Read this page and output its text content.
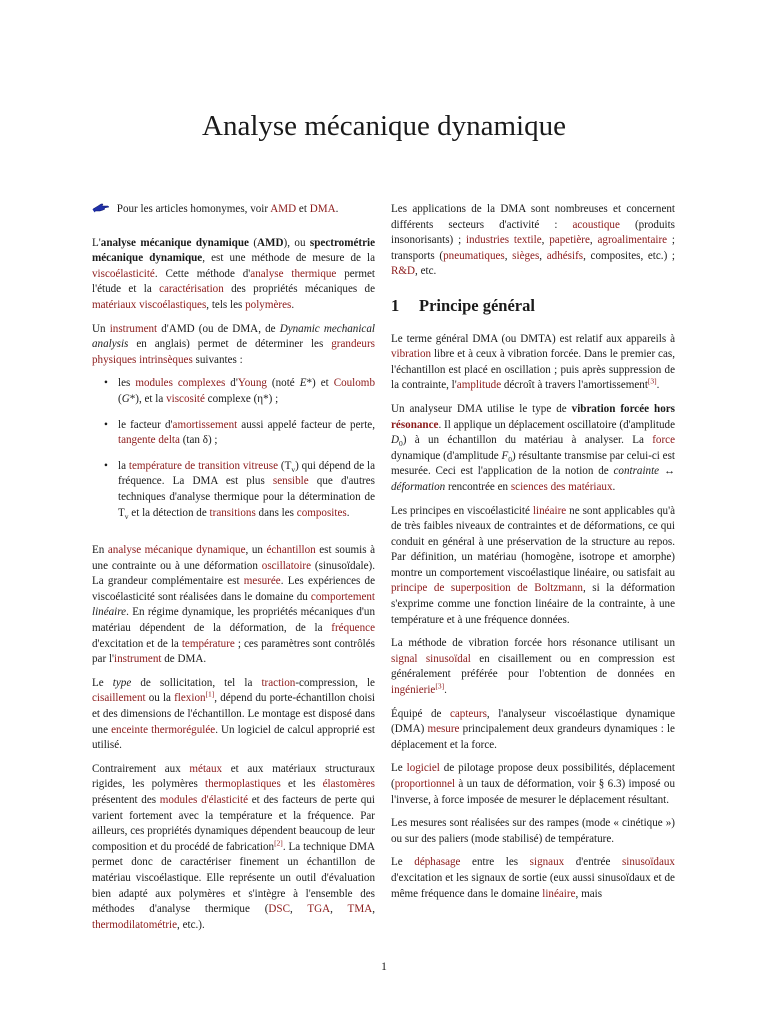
Analyse mécanique dynamique

Pour les articles homonymes, voir AMD et DMA.

L'analyse mécanique dynamique (AMD), ou spectrométrie mécanique dynamique, est une méthode de mesure de la viscoélasticité. Cette méthode d'analyse thermique permet l'étude et la caractérisation des propriétés mécaniques de matériaux viscoélastiques, tels les polymères.

Un instrument d'AMD (ou de DMA, de Dynamic mechanical analysis en anglais) permet de déterminer les grandeurs physiques intrinsèques suivantes :

• les modules complexes d'Young (noté E*) et Coulomb (G*), et la viscosité complexe (η*) ;
• le facteur d'amortissement aussi appelé facteur de perte, tangente delta (tan δ) ;
• la température de transition vitreuse $(T_v)$ qui dépend de la fréquence. La DMA est plus sensible que d'autres techniques d'analyse thermique pour la détermination de $T_v$ et la détection de transitions dans les composites.

En analyse mécanique dynamique, un échantillon est soumis à une contrainte ou à une déformation oscillatoire (sinusoïdale). La grandeur complémentaire est mesurée. Les expériences de viscoélasticité sont réalisées dans le domaine du comportement linéaire. En régime dynamique, les propriétés mécaniques d'un matériau dépendent de la déformation, de la fréquence d'excitation et de la température ; ces paramètres sont contrôlés par l'instrument de DMA.

Le type de sollicitation, tel la traction-compression, le cisaillement ou la flexion[1], dépend du porte-échantillon choisi et des dimensions de l'échantillon. Le montage est disposé dans une enceinte thermorégulée. Un logiciel de calcul approprié est utilisé.

Contrairement aux métaux et aux matériaux structuraux rigides, les polymères thermoplastiques et les élastomères présentent des modules d'élasticité et des facteurs de perte qui varient fortement avec la température et la fréquence. Par ailleurs, ces propriétés dynamiques dépendent beaucoup de leur composition et du procédé de fabrication[2]. La technique DMA permet donc de caractériser finement un échantillon de matériau viscoélastique. Elle représente un outil d'évaluation bien adapté aux polymères et s'intègre à l'ensemble des méthodes d'analyse thermique (DSC, TGA, TMA, thermodilatométrie, etc.).

Les applications de la DMA sont nombreuses et concernent différents secteurs d'activité : acoustique (produits insonorisants) ; industries textile, papetière, agroalimentaire ; transports (pneumatiques, sièges, adhésifs, composites, etc.) ; R&D, etc.

1 Principe général

Le terme général DMA (ou DMTA) est relatif aux appareils à vibration libre et à ceux à vibration forcée. Dans le premier cas, l'échantillon est placé en oscillation ; puis après suppression de la contrainte, l'amplitude décroît à travers l'amortissement[3].

Un analyseur DMA utilise le type de vibration forcée hors résonance. Il applique un déplacement oscillatoire (d'amplitude $D_0$) à un échantillon du matériau à analyser. La force dynamique (d'amplitude $F_0$) résultante transmise par celui-ci est mesurée. Ceci est l'application de la notion de contrainte ↔ déformation rencontrée en sciences des matériaux.

Les principes en viscoélasticité linéaire ne sont applicables qu'à de très faibles niveaux de contraintes et de déformations, ce qui conduit en général à une préservation de la structure au repos. Par définition, un matériau (homogène, isotrope et amorphe) montre un comportement viscoélastique linéaire, ou satisfait au principe de superposition de Boltzmann, si la déformation s'exprime comme une fonction linéaire de la contrainte, à une température et à une fréquence données.

La méthode de vibration forcée hors résonance utilisant un signal sinusoïdal en cisaillement ou en compression est généralement préférée pour l'obtention de données en ingénierie[3].

Équipé de capteurs, l'analyseur viscoélastique dynamique (DMA) mesure principalement deux grandeurs dynamiques : le déplacement et la force.

Le logiciel de pilotage propose deux possibilités, déplacement (proportionnel à un taux de déformation, voir § 6.3) imposé ou l'inverse, à force imposée de mesurer le déplacement résultant.

Les mesures sont réalisées sur des rampes (mode « cinétique ») ou sur des paliers (mode stabilisé) de température.

Le déphasage entre les signaux d'entrée sinusoïdaux d'excitation et les signaux de sortie (eux aussi sinusoïdaux et de même fréquence dans le domaine linéaire, mais

1
